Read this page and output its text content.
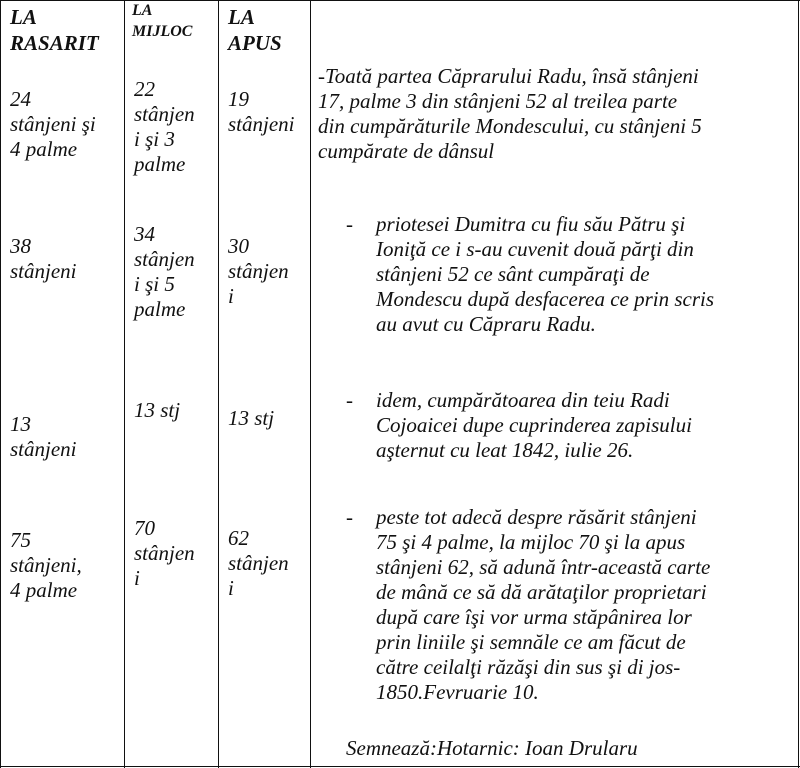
LA
RASARIT
LA
MIJLOC
LA
APUS
24
stânjeni şi
4 palme
22
stânjen
i şi 3
palme
19
stânjeni
-Toată partea Căprarului Radu, însă stânjeni
17, palme 3 din stânjeni 52 al treilea parte
din cumpărăturile Mondescului, cu stânjeni 5
cumpărate de dânsul
38
stânjeni
34
stânjen
i şi 5
palme
30
stânjen
i
- priotesei Dumitra cu fiu său Pătru şi
Ioniţă ce i s-au cuvenit două părţi din
stânjeni 52 ce sânt cumpăraţi de
Mondescu după desfacerea ce prin scris
au avut cu Căpraru Radu.
13
stânjeni
13 stj 13 stj
- idem, cumpărătoarea din teiu Radi
Cojoaicei dupe cuprinderea zapisului
aşternut cu leat 1842, iulie 26.
75
stânjeni,
4 palme
70
stânjen
i
62
stânjen
i
- peste tot adecă despre răsărit stânjeni
75 şi 4 palme, la mijloc 70 şi la apus
stânjeni 62, să adună într-această carte
de mână ce să dă arătaţilor proprietari
după care îşi vor urma stăpânirea lor
prin liniile şi semnăle ce am făcut de
către ceilalţi răzăşi din sus şi di jos-
1850.Fevruarie 10.
Semnează:Hotarnic: Ioan Drularu
